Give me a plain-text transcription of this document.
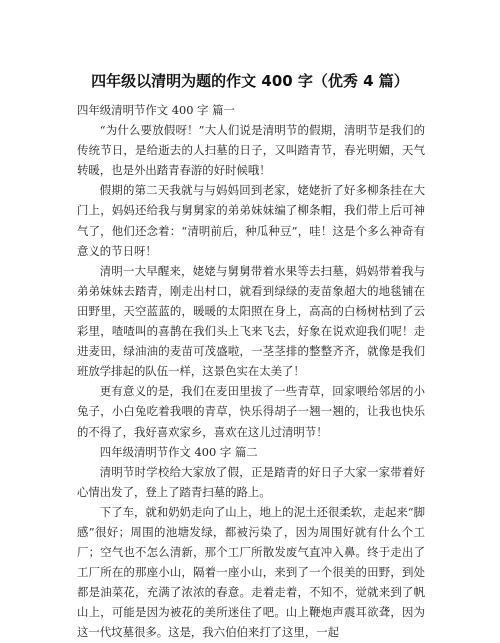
四年级以清明为题的作文 400 字（优秀 4 篇）

四年级清明节作文 400 字 篇一

“为什么要放假呀！”大人们说是清明节的假期，清明节是我们的传统节日，是给逝去的人扫墓的日子，又叫踏青节，春光明媚，天气转暖，也是外出踏青春游的好时候哦！

假期的第二天我就与与妈妈回到老家，姥姥折了好多柳条挂在大门上，妈妈还给我与舅舅家的弟弟妹妹编了柳条帽，我们带上后可神气了，他们还念着：“清明前后，种瓜种豆”，哇！这是个多么神奇有意义的节日呀！

清明一大早醒来，姥姥与舅舅带着水果等去扫墓，妈妈带着我与弟弟妹妹去踏青，刚走出村口，就看到绿绿的麦苗象超大的地毯铺在田野里，天空蓝蓝的，暖暖的太阳照在身上，高高的白杨树枯到了云彩里，喳喳叫的喜鹊在我们头上飞来飞去，好象在说欢迎我们呢！走进麦田，绿油油的麦苗可茂盛啦，一茎茎排的整整齐齐，就像是我们班放学排起的队伍一样，这景色实在太美了！

更有意义的是，我们在麦田里拔了一些青草，回家喂给邻居的小兔子，小白兔吃着我喂的青草，快乐得胡子一翘一翘的，让我也快乐的不得了，我好喜欢家乡，喜欢在这儿过清明节！

四年级清明节作文 400 字 篇二

清明节时学校给大家放了假，正是踏青的好日子大家一家带着好心情出发了，登上了踏青扫墓的路上。

下了车，就和奶奶走向了山上，地上的泥土还很柔软，走起来“脚感”很好；周围的池塘发绿，都被污染了，因为周围好就有什么个工厂；空气也不怎么清新，那个工厂所散发废气直冲入鼻。终于走出了工厂所在的那座小山，隔着一座小山，来到了一个很美的田野，到处都是油菜花，充满了浓浓的春意。走着走着，不知不，觉就来到了帆山上，可能是因为被花的美所迷住了吧。山上鞭炮声震耳欲聋，因为这一代坟墓很多。这是，我六伯伯来打了这里，一起
